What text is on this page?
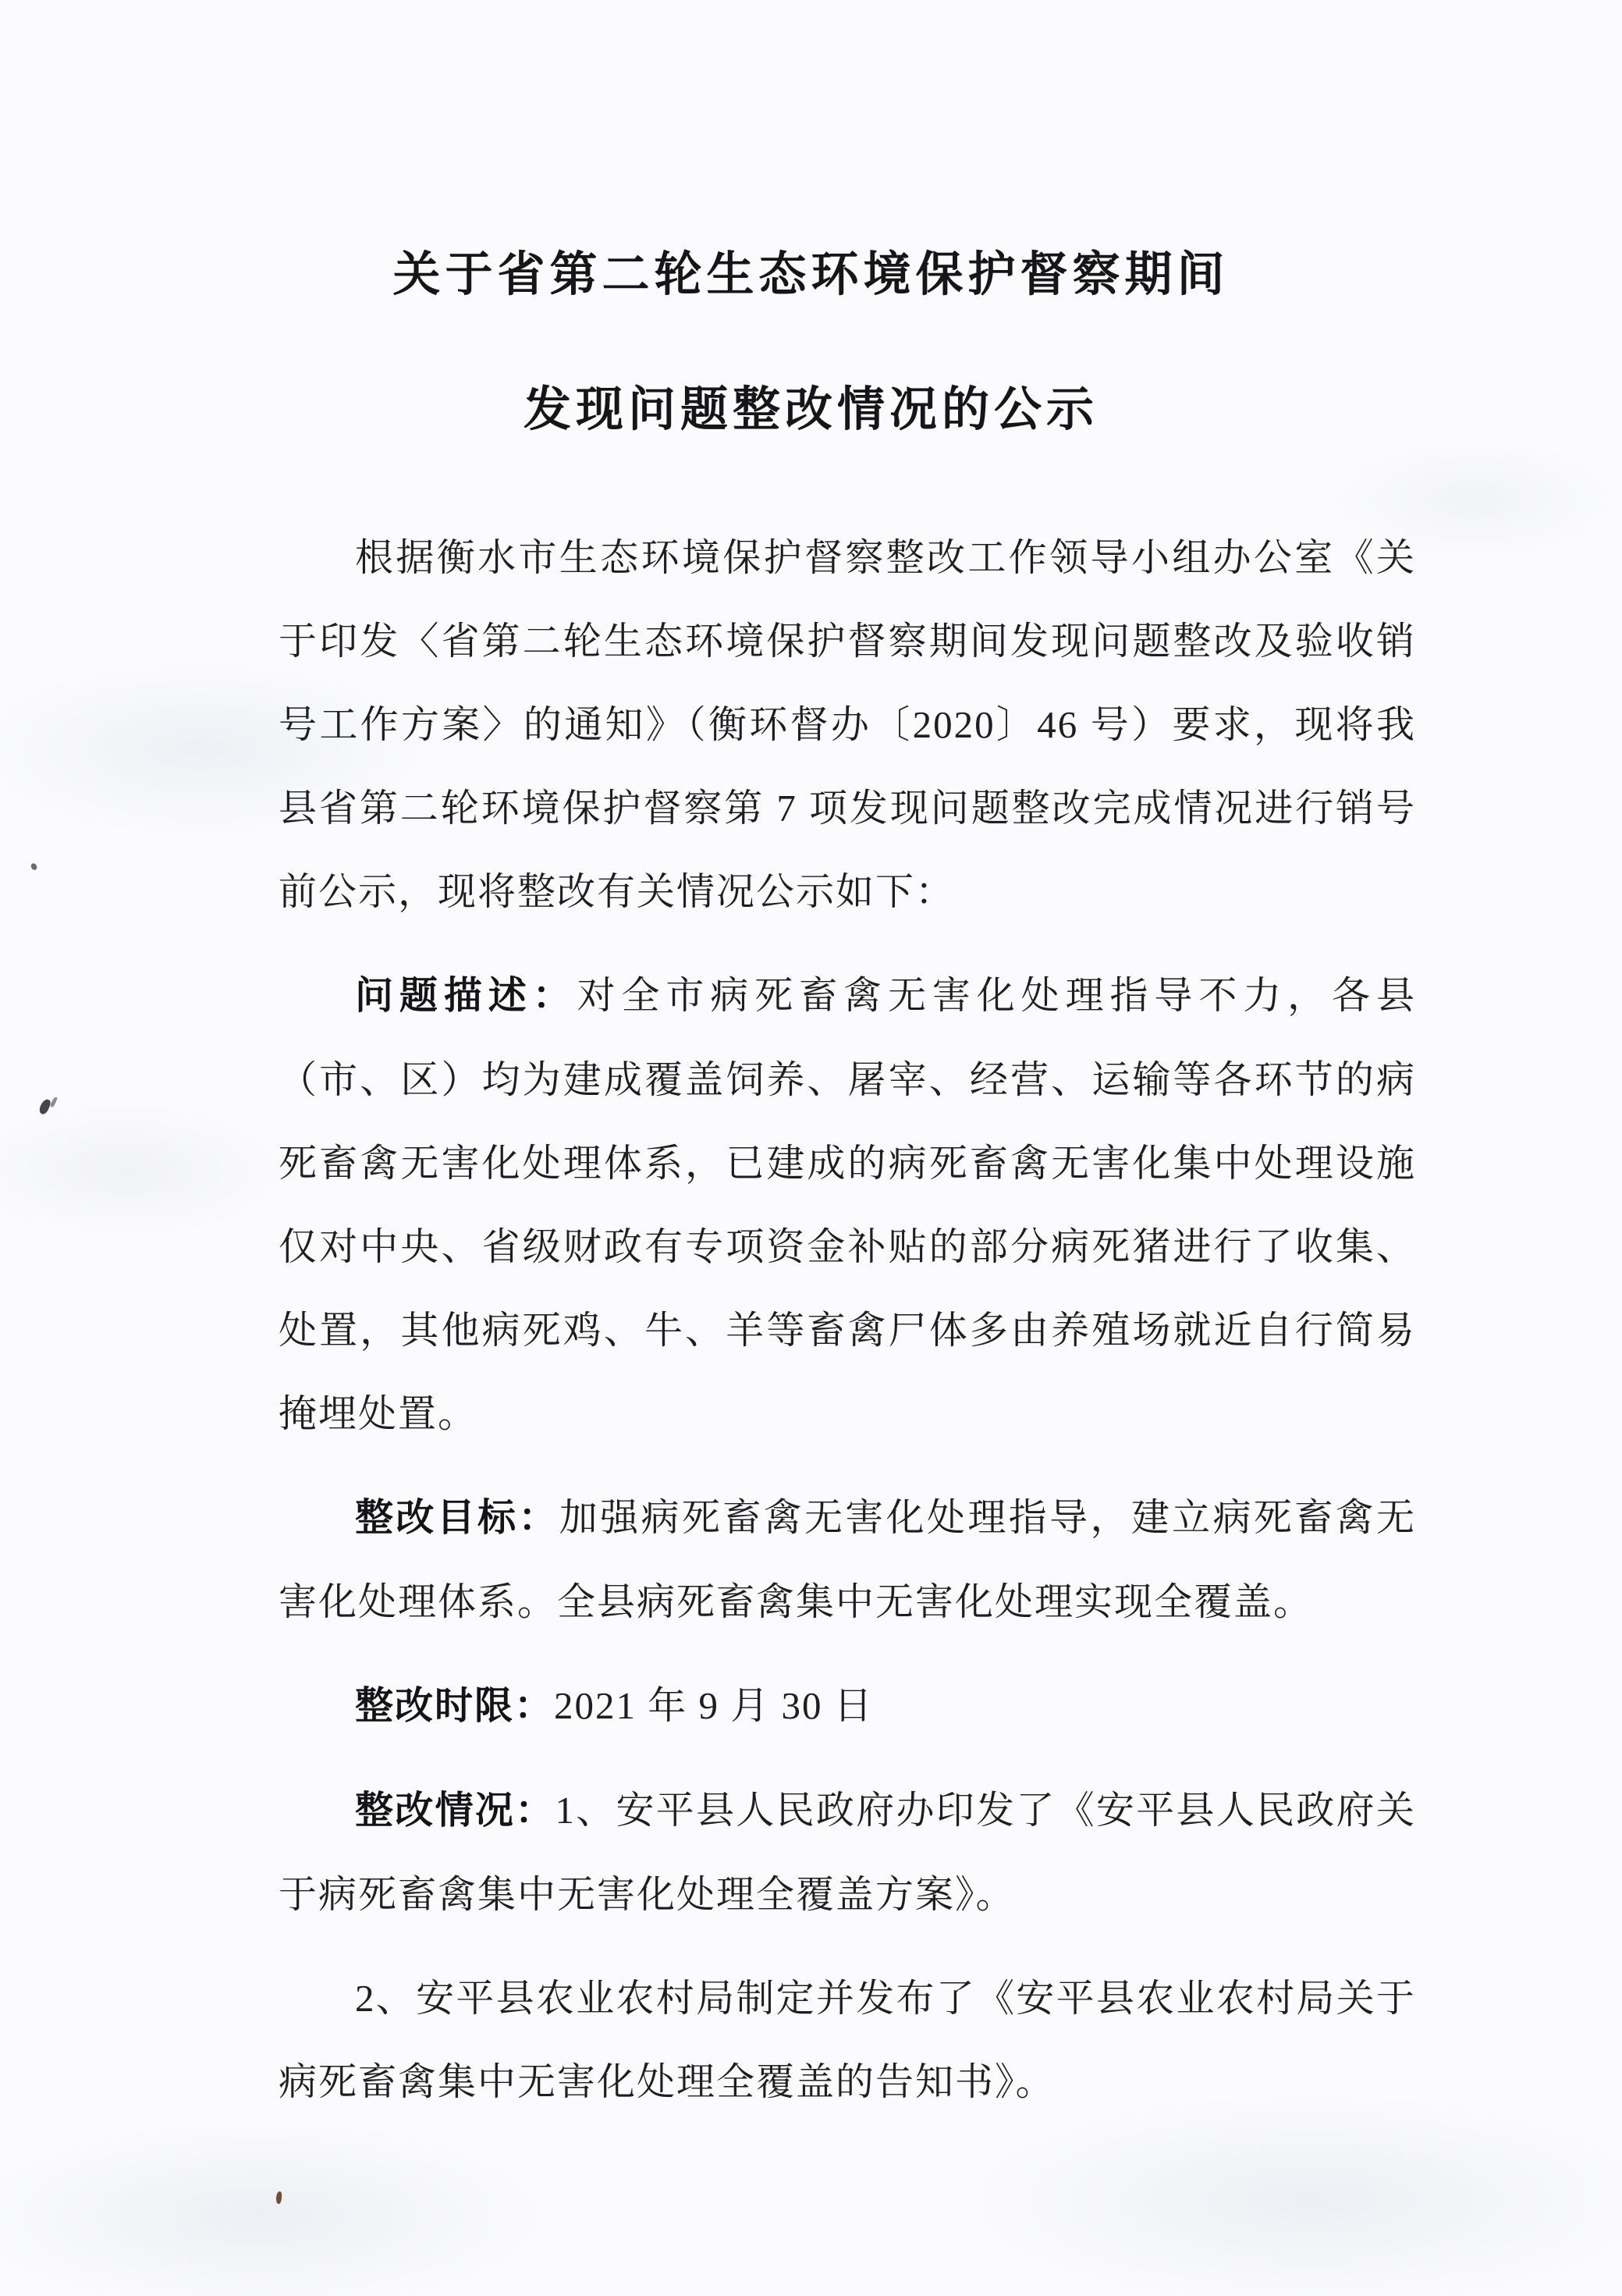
关于省第二轮生态环境保护督察期间
发现问题整改情况的公示

根据衡水市生态环境保护督察整改工作领导小组办公室《关于印发〈省第二轮生态环境保护督察期间发现问题整改及验收销号工作方案〉的通知》（衡环督办〔2020〕46 号）要求，现将我县省第二轮环境保护督察第 7 项发现问题整改完成情况进行销号前公示，现将整改有关情况公示如下：

问题描述：对全市病死畜禽无害化处理指导不力，各县（市、区）均为建成覆盖饲养、屠宰、经营、运输等各环节的病死畜禽无害化处理体系，已建成的病死畜禽无害化集中处理设施仅对中央、省级财政有专项资金补贴的部分病死猪进行了收集、处置，其他病死鸡、牛、羊等畜禽尸体多由养殖场就近自行简易掩埋处置。

整改目标：加强病死畜禽无害化处理指导，建立病死畜禽无害化处理体系。全县病死畜禽集中无害化处理实现全覆盖。

整改时限：2021 年 9 月 30 日

整改情况：1、安平县人民政府办印发了《安平县人民政府关于病死畜禽集中无害化处理全覆盖方案》。

2、安平县农业农村局制定并发布了《安平县农业农村局关于病死畜禽集中无害化处理全覆盖的告知书》。
